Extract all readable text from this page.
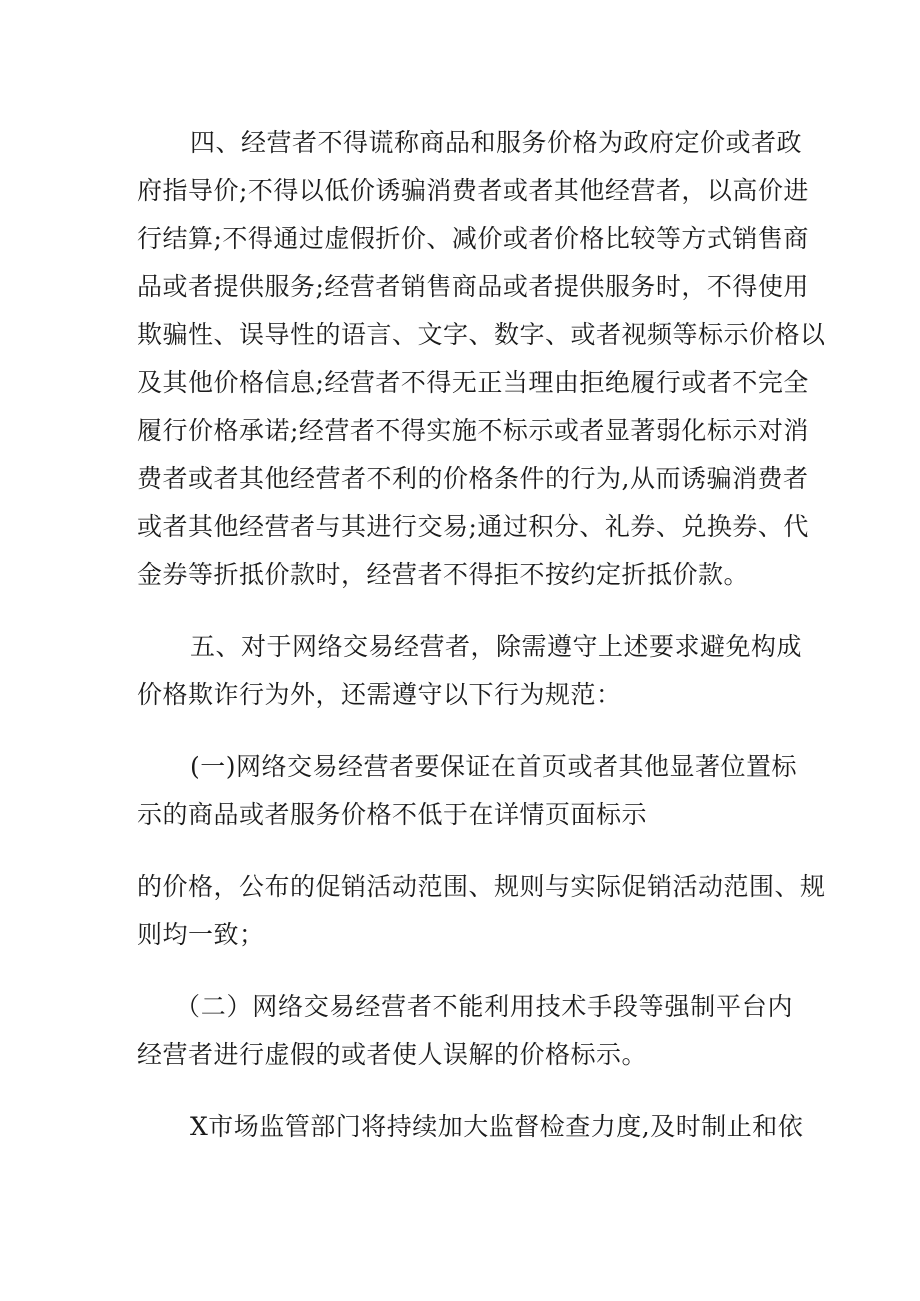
四、经营者不得谎称商品和服务价格为政府定价或者政
府指导价;不得以低价诱骗消费者或者其他经营者，以高价进
行结算;不得通过虚假折价、减价或者价格比较等方式销售商
品或者提供服务;经营者销售商品或者提供服务时，不得使用
欺骗性、误导性的语言、文字、数字、或者视频等标示价格以
及其他价格信息;经营者不得无正当理由拒绝履行或者不完全
履行价格承诺;经营者不得实施不标示或者显著弱化标示对消
费者或者其他经营者不利的价格条件的行为,从而诱骗消费者
或者其他经营者与其进行交易;通过积分、礼券、兑换券、代
金券等折抵价款时，经营者不得拒不按约定折抵价款。
五、对于网络交易经营者，除需遵守上述要求避免构成
价格欺诈行为外，还需遵守以下行为规范：
(一)网络交易经营者要保证在首页或者其他显著位置标
示的商品或者服务价格不低于在详情页面标示
的价格，公布的促销活动范围、规则与实际促销活动范围、规
则均一致；
（二）网络交易经营者不能利用技术手段等强制平台内
经营者进行虚假的或者使人误解的价格标示。
X市场监管部门将持续加大监督检查力度,及时制止和依
